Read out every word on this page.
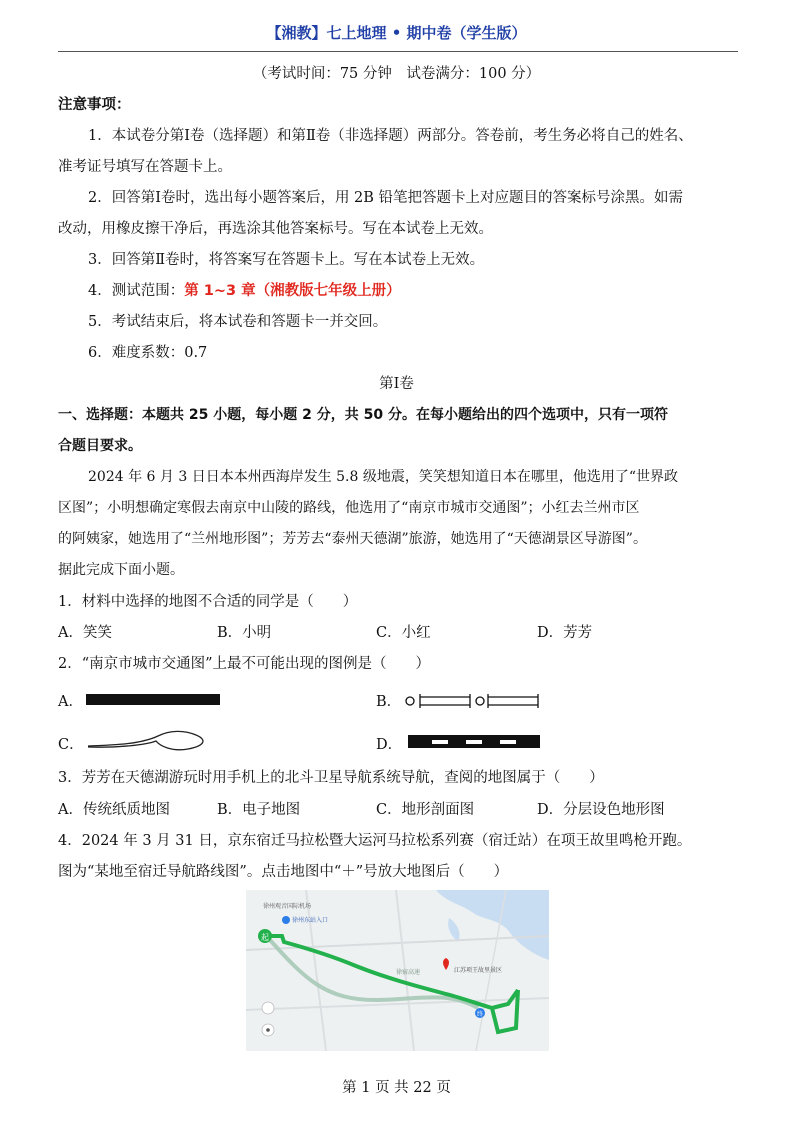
【湘教】七上地理 • 期中卷（学生版）
（考试时间：75 分钟　试卷满分：100 分）
注意事项：
1．本试卷分第Ⅰ卷（选择题）和第Ⅱ卷（非选择题）两部分。答卷前，考生务必将自己的姓名、
准考证号填写在答题卡上。
2．回答第Ⅰ卷时，选出每小题答案后，用 2B 铅笔把答题卡上对应题目的答案标号涂黑。如需
改动，用橡皮擦干净后，再选涂其他答案标号。写在本试卷上无效。
3．回答第Ⅱ卷时，将答案写在答题卡上。写在本试卷上无效。
4．测试范围：第 1~3 章（湘教版七年级上册）
5．考试结束后，将本试卷和答题卡一并交回。
6．难度系数：0.7
第Ⅰ卷
一、选择题：本题共 25 小题，每小题 2 分，共 50 分。在每小题给出的四个选项中，只有一项符
合题目要求。
2024 年 6 月 3 日日本本州西海岸发生 5.8 级地震，笑笑想知道日本在哪里，他选用了“世界政
区图”；小明想确定寒假去南京中山陵的路线，他选用了“南京市城市交通图”；小红去兰州市区
的阿姨家，她选用了“兰州地形图”；芳芳去“泰州天德湖”旅游，她选用了“天德湖景区导游图”。
据此完成下面小题。
1．材料中选择的地图不合适的同学是（　　）
A．笑笑	B．小明	C．小红	D．芳芳
2．“南京市城市交通图”上最不可能出现的图例是（　　）
A．	B．
C．	D．
3．芳芳在天德湖游玩时用手机上的北斗卫星导航系统导航，查阅的地图属于（　　）
A．传统纸质地图	B．电子地图	C．地形剖面图	D．分层设色地形图
4．2024 年 3 月 31 日，京东宿迁马拉松暨大运河马拉松系列赛（宿迁站）在项王故里鸣枪开跑。
图为“某地至宿迁导航路线图”。点击地图中“＋”号放大地图后（　　）
起
终
徐州观音国际机场
徐州东站入口
江苏项王故里景区
徐宿高速
第 1 页 共 22 页
